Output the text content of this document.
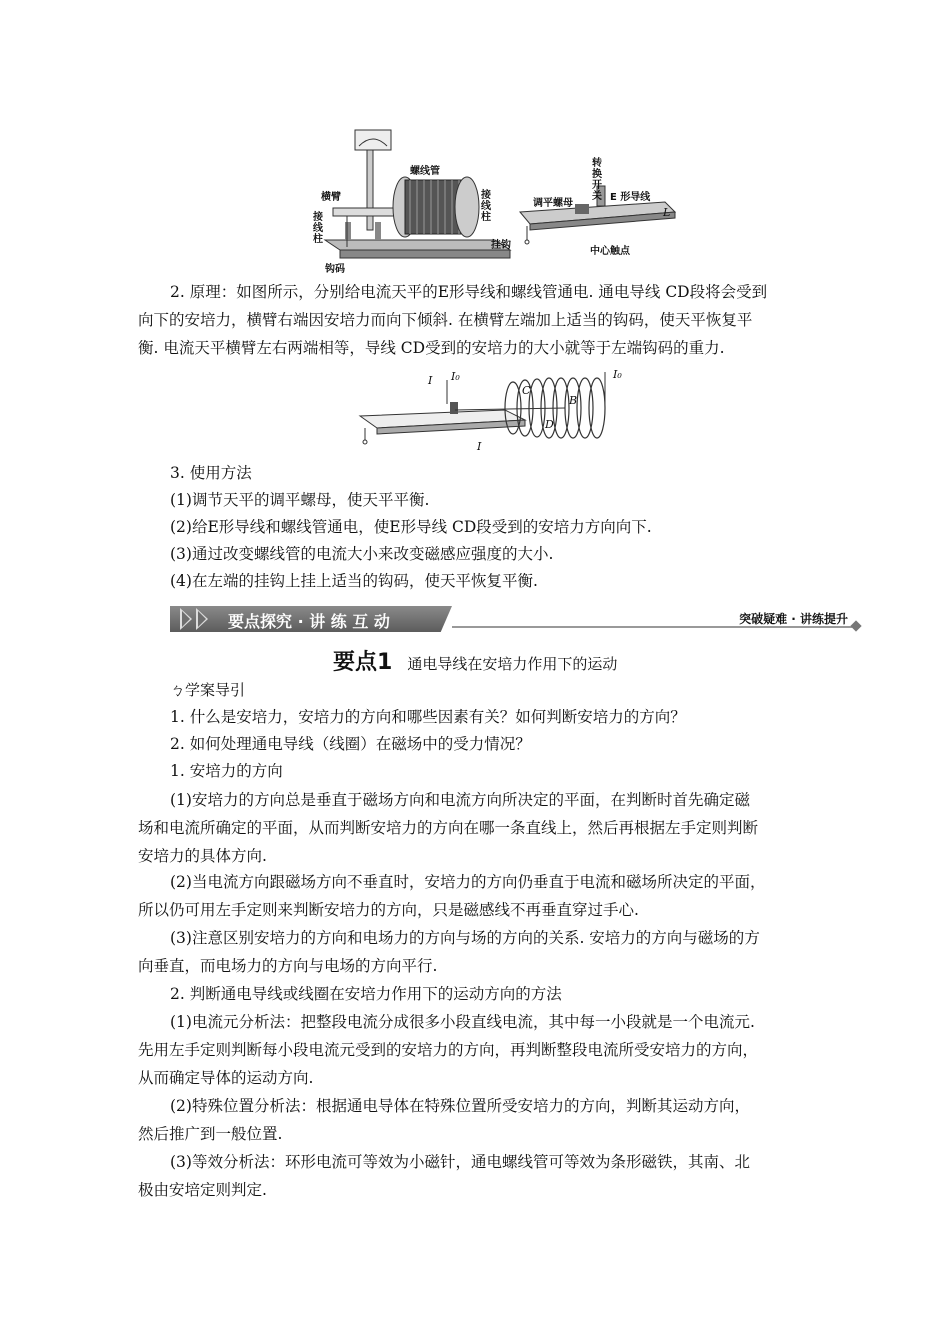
横臂
接线柱
钩码
螺线管
接线柱
调平螺母
转换开关 E 形导线
L
挂钩
中心触点
2. 原理：如图所示，分别给电流天平的E形导线和螺线管通电. 通电导线 CD段将会受到
向下的安培力，横臂右端因安培力而向下倾斜. 在横臂左端加上适当的钩码，使天平恢复平
衡. 电流天平横臂左右两端相等，导线 CD受到的安培力的大小就等于左端钩码的重力.
I I₀
C
B
D
I
I₀
3. 使用方法
(1)调节天平的调平螺母，使天平平衡.
(2)给E形导线和螺线管通电，使E形导线 CD段受到的安培力方向向下.
(3)通过改变螺线管的电流大小来改变磁感应强度的大小.
(4)在左端的挂钩上挂上适当的钩码，使天平恢复平衡.
要点探究 · 讲 练 互 动	突破疑难 · 讲练提升
要点1 通电导线在安培力作用下的运动
ㄅ学案导引
1. 什么是安培力，安培力的方向和哪些因素有关？如何判断安培力的方向？
2. 如何处理通电导线（线圈）在磁场中的受力情况？
1. 安培力的方向
(1)安培力的方向总是垂直于磁场方向和电流方向所决定的平面，在判断时首先确定磁
场和电流所确定的平面，从而判断安培力的方向在哪一条直线上，然后再根据左手定则判断
安培力的具体方向.
(2)当电流方向跟磁场方向不垂直时，安培力的方向仍垂直于电流和磁场所决定的平面，
所以仍可用左手定则来判断安培力的方向，只是磁感线不再垂直穿过手心.
(3)注意区别安培力的方向和电场力的方向与场的方向的关系. 安培力的方向与磁场的方
向垂直，而电场力的方向与电场的方向平行.
2. 判断通电导线或线圈在安培力作用下的运动方向的方法
(1)电流元分析法：把整段电流分成很多小段直线电流，其中每一小段就是一个电流元.
先用左手定则判断每小段电流元受到的安培力的方向，再判断整段电流所受安培力的方向，
从而确定导体的运动方向.
(2)特殊位置分析法：根据通电导体在特殊位置所受安培力的方向，判断其运动方向，
然后推广到一般位置.
(3)等效分析法：环形电流可等效为小磁针，通电螺线管可等效为条形磁铁，其南、北
极由安培定则判定.
